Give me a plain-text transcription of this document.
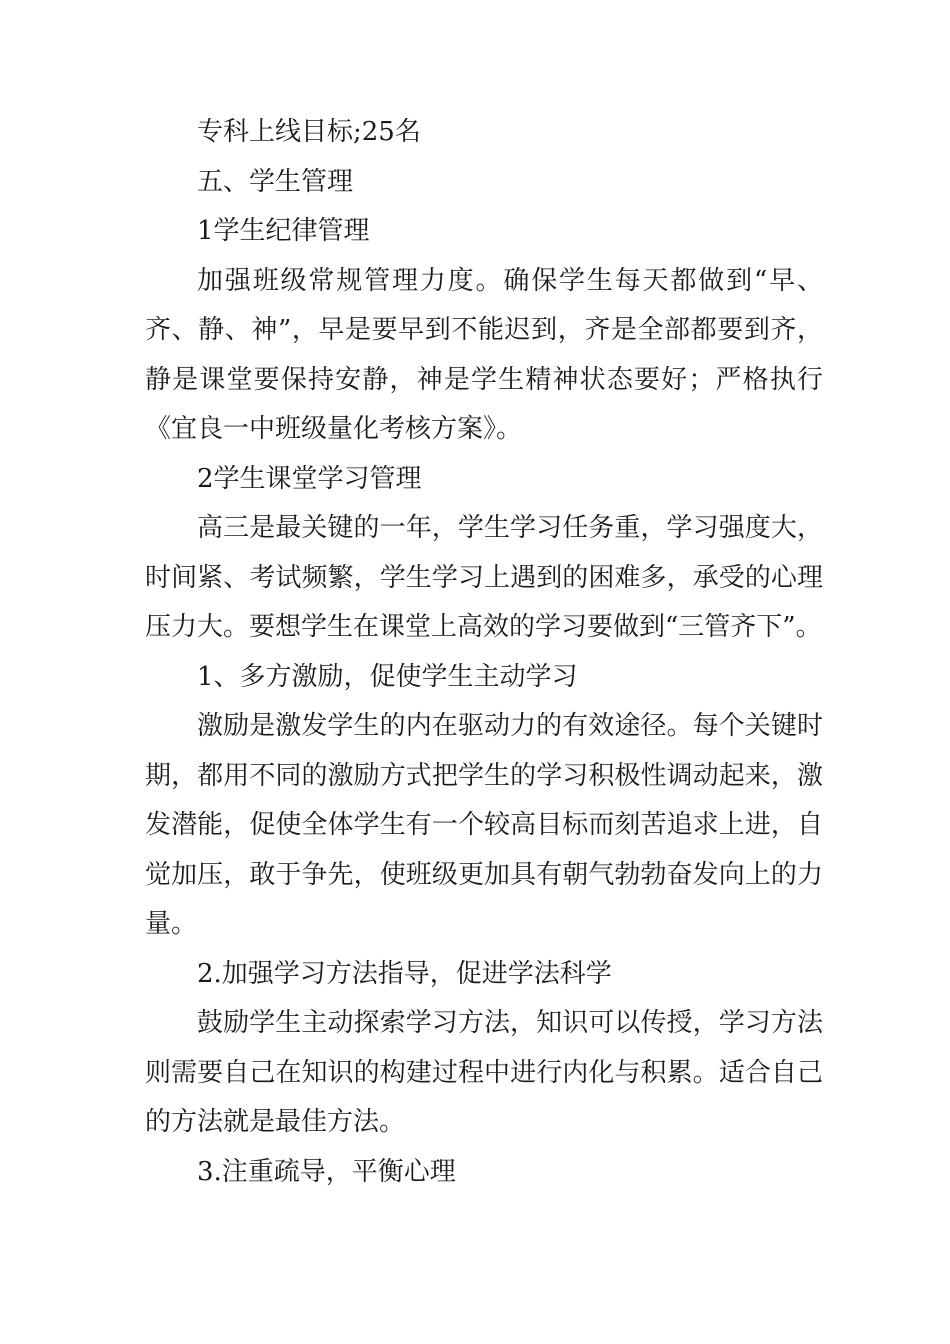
专科上线目标;25名

五、学生管理

1学生纪律管理

加强班级常规管理力度。确保学生每天都做到“早、齐、静、神”，早是要早到不能迟到，齐是全部都要到齐，静是课堂要保持安静，神是学生精神状态要好；严格执行《宜良一中班级量化考核方案》。

2学生课堂学习管理

高三是最关键的一年，学生学习任务重，学习强度大，时间紧、考试频繁，学生学习上遇到的困难多，承受的心理压力大。要想学生在课堂上高效的学习要做到“三管齐下”。

1、多方激励，促使学生主动学习

激励是激发学生的内在驱动力的有效途径。每个关键时期，都用不同的激励方式把学生的学习积极性调动起来，激发潜能，促使全体学生有一个较高目标而刻苦追求上进，自觉加压，敢于争先，使班级更加具有朝气勃勃奋发向上的力量。

2.加强学习方法指导，促进学法科学

鼓励学生主动探索学习方法，知识可以传授，学习方法则需要自己在知识的构建过程中进行内化与积累。适合自己的方法就是最佳方法。

3.注重疏导，平衡心理
